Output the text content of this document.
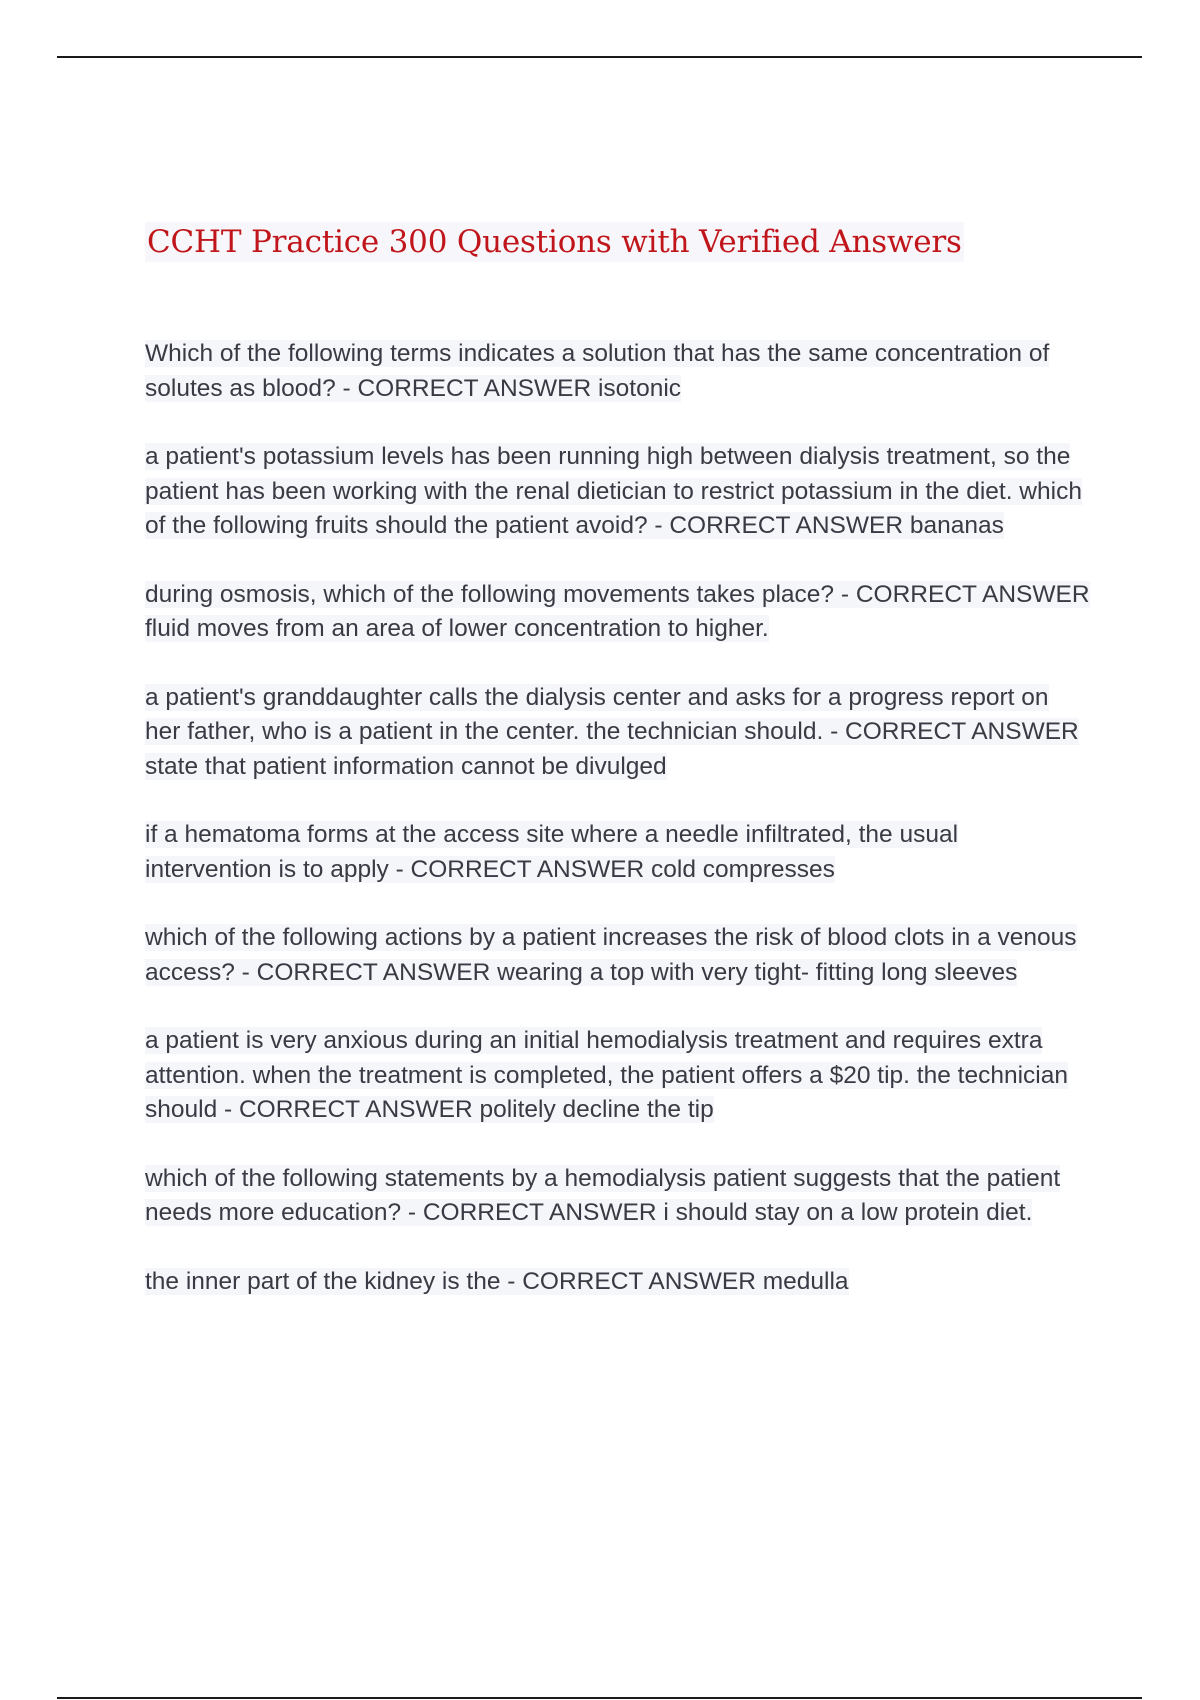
CCHT Practice 300 Questions with Verified Answers

Which of the following terms indicates a solution that has the same concentration of solutes as blood? - CORRECT ANSWER isotonic

a patient's potassium levels has been running high between dialysis treatment, so the patient has been working with the renal dietician to restrict potassium in the diet. which of the following fruits should the patient avoid? - CORRECT ANSWER bananas

during osmosis, which of the following movements takes place? - CORRECT ANSWER fluid moves from an area of lower concentration to higher.

a patient's granddaughter calls the dialysis center and asks for a progress report on her father, who is a patient in the center. the technician should. - CORRECT ANSWER state that patient information cannot be divulged

if a hematoma forms at the access site where a needle infiltrated, the usual intervention is to apply - CORRECT ANSWER cold compresses

which of the following actions by a patient increases the risk of blood clots in a venous access? - CORRECT ANSWER wearing a top with very tight- fitting long sleeves

a patient is very anxious during an initial hemodialysis treatment and requires extra attention. when the treatment is completed, the patient offers a $20 tip. the technician should - CORRECT ANSWER politely decline the tip

which of the following statements by a hemodialysis patient suggests that the patient needs more education? - CORRECT ANSWER i should stay on a low protein diet.

the inner part of the kidney is the - CORRECT ANSWER medulla
